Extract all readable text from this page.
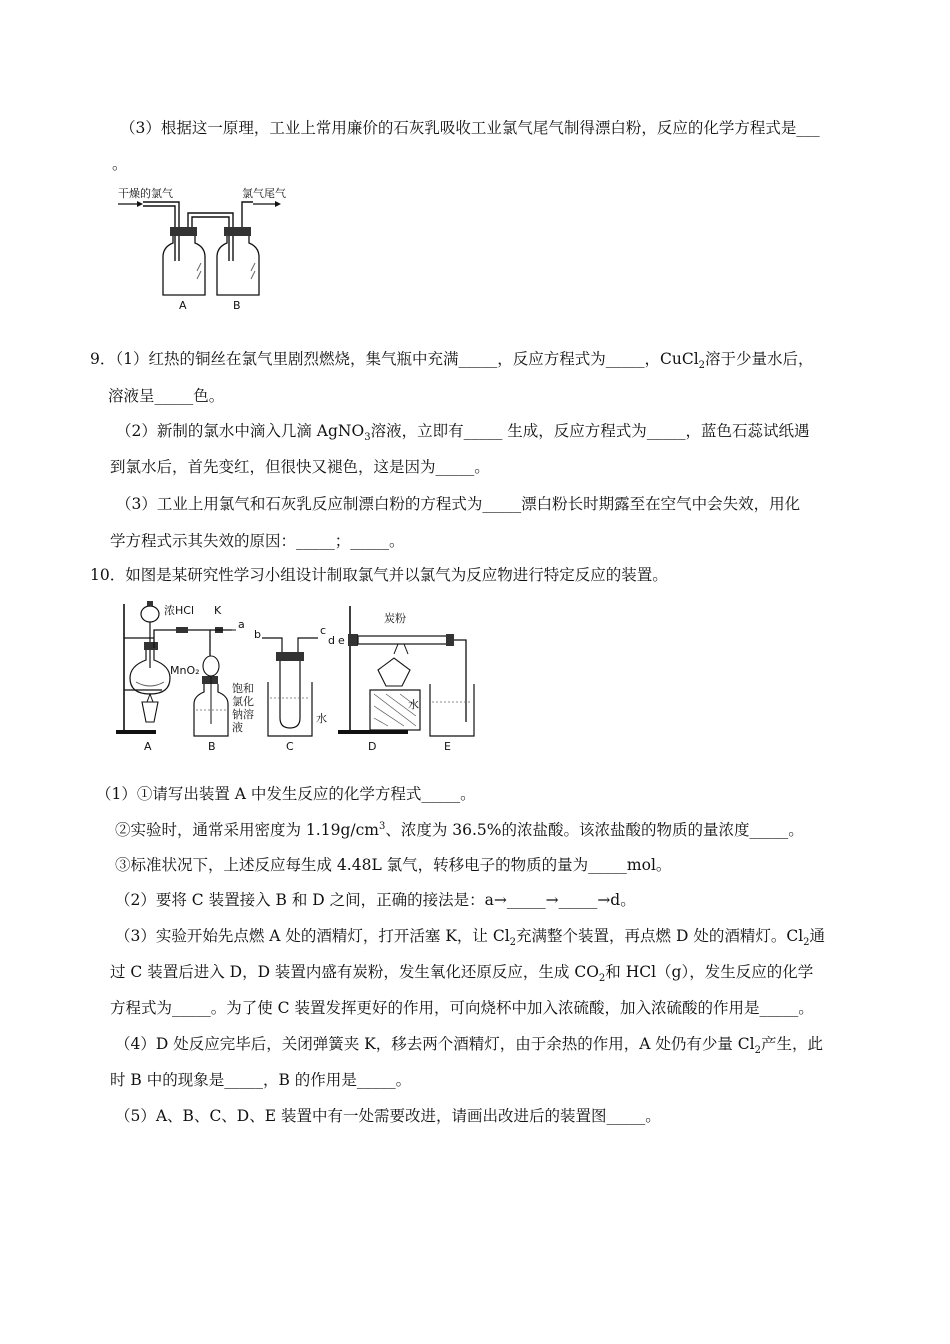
（3）根据这一原理，工业上常用廉价的石灰乳吸收工业氯气尾气制得漂白粉，反应的化学方程式是___
。
干燥的氯气	氯气尾气
A	B
9．（1）红热的铜丝在氯气里剧烈燃烧，集气瓶中充满_____，反应方程式为_____，CuCl$_2$溶于少量水后，
溶液呈_____色。
（2）新制的氯水中滴入几滴 AgNO$_3$溶液，立即有_____ 生成，反应方程式为_____，蓝色石蕊试纸遇
到氯水后，首先变红，但很快又褪色，这是因为_____。
（3）工业上用氯气和石灰乳反应制漂白粉的方程式为_____漂白粉长时期露至在空气中会失效，用化
学方程式示其失效的原因：_____；_____。
10．如图是某研究性学习小组设计制取氯气并以氯气为反应物进行特定反应的装置。
浓HCl
MnO₂
K
a
饱和
氯化
钠溶
液
b	c
水
d e
炭粉
水
A	B	C	D	E
（1）①请写出装置 A 中发生反应的化学方程式_____。
②实验时，通常采用密度为 $1.19g/cm^3$、浓度为 36.5%的浓盐酸。该浓盐酸的物质的量浓度_____。
③标准状况下，上述反应每生成 4.48L 氯气，转移电子的物质的量为_____mol。
（2）要将 C 装置接入 B 和 D 之间，正确的接法是：a→_____→_____→d。
（3）实验开始先点燃 A 处的酒精灯，打开活塞 K，让 $Cl_2$充满整个装置，再点燃 D 处的酒精灯。$Cl_2$通
过 C 装置后进入 D，D 装置内盛有炭粉，发生氧化还原反应，生成 $CO_2$和 HCl（g），发生反应的化学
方程式为_____。为了使 C 装置发挥更好的作用，可向烧杯中加入浓硫酸，加入浓硫酸的作用是_____。
（4）D 处反应完毕后，关闭弹簧夹 K，移去两个酒精灯，由于余热的作用，A 处仍有少量 $Cl_2$产生，此
时 B 中的现象是_____，B 的作用是_____。
（5）A、B、C、D、E 装置中有一处需要改进，请画出改进后的装置图_____。
